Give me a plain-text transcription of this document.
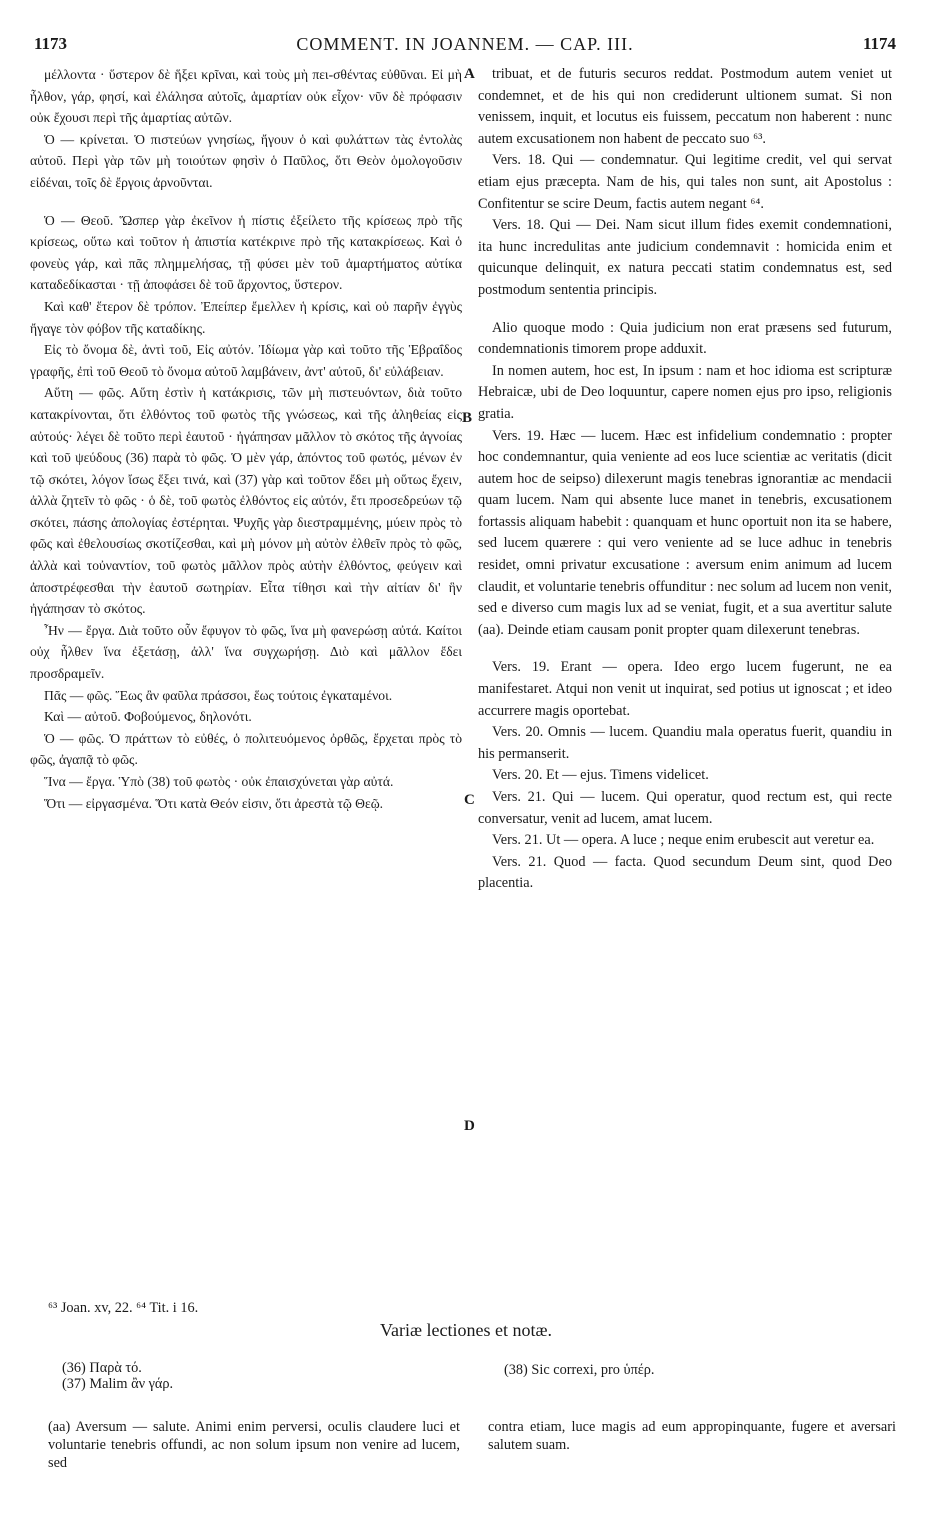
1173	COMMENT. IN JOANNEM. — CAP. III.	1174

μέλλοντα · ὕστερον δὲ ἥξει κρῖναι, καὶ τοὺς μὴ πει-σθέντας εὐθῦναι. Εἰ μὴ ἦλθον, γάρ, φησί, καὶ ἐλάλησα αὐτοῖς, ἁμαρτίαν οὐκ εἶχον· νῦν δὲ πρόφασιν οὐκ ἔχουσι περὶ τῆς ἁμαρτίας αὐτῶν.

Ὁ — κρίνεται. Ὁ πιστεύων γνησίως, ἤγουν ὁ καὶ φυλάττων τὰς ἐντολὰς αὐτοῦ. Περὶ γὰρ τῶν μὴ τοιούτων φησὶν ὁ Παῦλος, ὅτι Θεὸν ὁμολογοῦσιν εἰδέναι, τοῖς δὲ ἔργοις ἀρνοῦνται.

Ὁ — Θεοῦ. Ὥσπερ γὰρ ἐκεῖνον ἡ πίστις ἐξείλετο τῆς κρίσεως πρὸ τῆς κρίσεως, οὕτω καὶ τοῦτον ἡ ἀπιστία κατέκρινε πρὸ τῆς κατακρίσεως. Καὶ ὁ φονεὺς γάρ, καὶ πᾶς πλημμελήσας, τῇ φύσει μὲν τοῦ ἁμαρτήματος αὐτίκα καταδεδίκασται · τῇ ἀποφάσει δὲ τοῦ ἄρχοντος, ὕστερον.

Καὶ καθ' ἕτερον δὲ τρόπον. Ἐπείπερ ἔμελλεν ἡ κρίσις, καὶ οὐ παρῆν ἐγγὺς ἤγαγε τὸν φόβον τῆς καταδίκης.

Εἰς τὸ ὄνομα δὲ, ἀντὶ τοῦ, Εἰς αὐτόν. Ἰδίωμα γὰρ καὶ τοῦτο τῆς Ἑβραΐδος γραφῆς, ἐπὶ τοῦ Θεοῦ τὸ ὄνομα αὐτοῦ λαμβάνειν, ἀντ' αὐτοῦ, δι' εὐλάβειαν.

Αὕτη — φῶς. Αὕτη ἐστὶν ἡ κατάκρισις, τῶν μὴ πιστευόντων, διὰ τοῦτο κατακρίνονται, ὅτι ἐλθόντος τοῦ φωτὸς τῆς γνώσεως, καὶ τῆς ἀληθείας εἰς αὐτούς· λέγει δὲ τοῦτο περὶ ἑαυτοῦ · ἠγάπησαν μᾶλλον τὸ σκότος τῆς ἀγνοίας καὶ τοῦ ψεύδους (36) παρὰ τὸ φῶς. Ὁ μὲν γάρ, ἀπόντος τοῦ φωτός, μένων ἐν τῷ σκότει, λόγον ἴσως ἕξει τινά, καὶ (37) γὰρ καὶ τοῦτον ἔδει μὴ οὕτως ἔχειν, ἀλλὰ ζητεῖν τὸ φῶς · ὁ δὲ, τοῦ φωτὸς ἐλθόντος εἰς αὐτόν, ἔτι προσεδρεύων τῷ σκότει, πάσης ἀπολογίας ἐστέρηται. Ψυχῆς γὰρ διεστραμμένης, μύειν πρὸς τὸ φῶς καὶ ἐθελουσίως σκοτίζεσθαι, καὶ μὴ μόνον μὴ αὐτὸν ἐλθεῖν πρὸς τὸ φῶς, ἀλλὰ καὶ τοὐναντίον, τοῦ φωτὸς μᾶλλον πρὸς αὐτὴν ἐλθόντος, φεύγειν καὶ ἀποστρέφεσθαι τὴν ἑαυτοῦ σωτηρίαν. Εἶτα τίθησι καὶ τὴν αἰτίαν δι' ἣν ἠγάπησαν τὸ σκότος.

Ἦν — ἔργα. Διὰ τοῦτο οὖν ἔφυγον τὸ φῶς, ἵνα μὴ φανερώσῃ αὐτά. Καίτοι οὐχ ἦλθεν ἵνα ἐξετάσῃ, ἀλλ' ἵνα συγχωρήσῃ. Διὸ καὶ μᾶλλον ἔδει προσδραμεῖν.

Πᾶς — φῶς. Ἕως ἂν φαῦλα πράσσοι, ἕως τούτοις ἐγκαταμένοι.

Καὶ — αὐτοῦ. Φοβούμενος, δηλονότι.

Ὁ — φῶς. Ὁ πράττων τὸ εὐθές, ὁ πολιτευόμενος ὀρθῶς, ἔρχεται πρὸς τὸ φῶς, ἀγαπᾷ τὸ φῶς.

Ἵνα — ἔργα. Ὑπὸ (38) τοῦ φωτὸς · οὐκ ἐπαισχύνεται γὰρ αὐτά.

Ὅτι — εἰργασμένα. Ὅτι κατὰ Θεόν εἰσιν, ὅτι ἀρεστὰ τῷ Θεῷ.

A
B
C
D

tribuat, et de futuris securos reddat. Postmodum autem veniet ut condemnet, et de his qui non crediderunt ultionem sumat. Si non venissem, inquit, et locutus eis fuissem, peccatum non haberent : nunc autem excusationem non habent de peccato suo ⁶³.

Vers. 18. Qui — condemnatur. Qui legitime credit, vel qui servat etiam ejus præcepta. Nam de his, qui tales non sunt, ait Apostolus : Confitentur se scire Deum, factis autem negant ⁶⁴.

Vers. 18. Qui — Dei. Nam sicut illum fides exemit condemnationi, ita hunc incredulitas ante judicium condemnavit : homicida enim et quicunque delinquit, ex natura peccati statim condemnatus est, sed postmodum sententia principis.

Alio quoque modo : Quia judicium non erat præsens sed futurum, condemnationis timorem prope adduxit.

In nomen autem, hoc est, In ipsum : nam et hoc idioma est scripturæ Hebraicæ, ubi de Deo loquuntur, capere nomen ejus pro ipso, religionis gratia.

Vers. 19. Hæc — lucem. Hæc est infidelium condemnatio : propter hoc condemnantur, quia veniente ad eos luce scientiæ ac veritatis (dicit autem hoc de seipso) dilexerunt magis tenebras ignorantiæ ac mendacii quam lucem. Nam qui absente luce manet in tenebris, excusationem fortassis aliquam habebit : quanquam et hunc oportuit non ita se habere, sed lucem quærere : qui vero veniente ad se luce adhuc in tenebris residet, omni privatur excusatione : aversum enim animum ad lucem claudit, et voluntarie tenebris offunditur : nec solum ad lucem non venit, sed e diverso cum magis lux ad se veniat, fugit, et a sua avertitur salute (aa). Deinde etiam causam ponit propter quam dilexerunt tenebras.

Vers. 19. Erant — opera. Ideo ergo lucem fugerunt, ne ea manifestaret. Atqui non venit ut inquirat, sed potius ut ignoscat ; et ideo accurrere magis oportebat.

Vers. 20. Omnis — lucem. Quandiu mala operatus fuerit, quandiu in his permanserit.

Vers. 20. Et — ejus. Timens videlicet.

Vers. 21. Qui — lucem. Qui operatur, quod rectum est, qui recte conversatur, venit ad lucem, amat lucem.

Vers. 21. Ut — opera. A luce ; neque enim erubescit aut veretur ea.

Vers. 21. Quod — facta. Quod secundum Deum sint, quod Deo placentia.

⁶³ Joan. xv, 22. ⁶⁴ Tit. i 16.
Variæ lectiones et notæ.
(36) Παρὰ τό.
(37) Malim ἂν γάρ.
(38) Sic correxi, pro ὑπέρ.

(aa) Aversum — salute. Animi enim perversi, oculis claudere luci et voluntarie tenebris offundi, ac non solum ipsum non venire ad lucem, sed

contra etiam, luce magis ad eum appropinquante, fugere et aversari salutem suam.
